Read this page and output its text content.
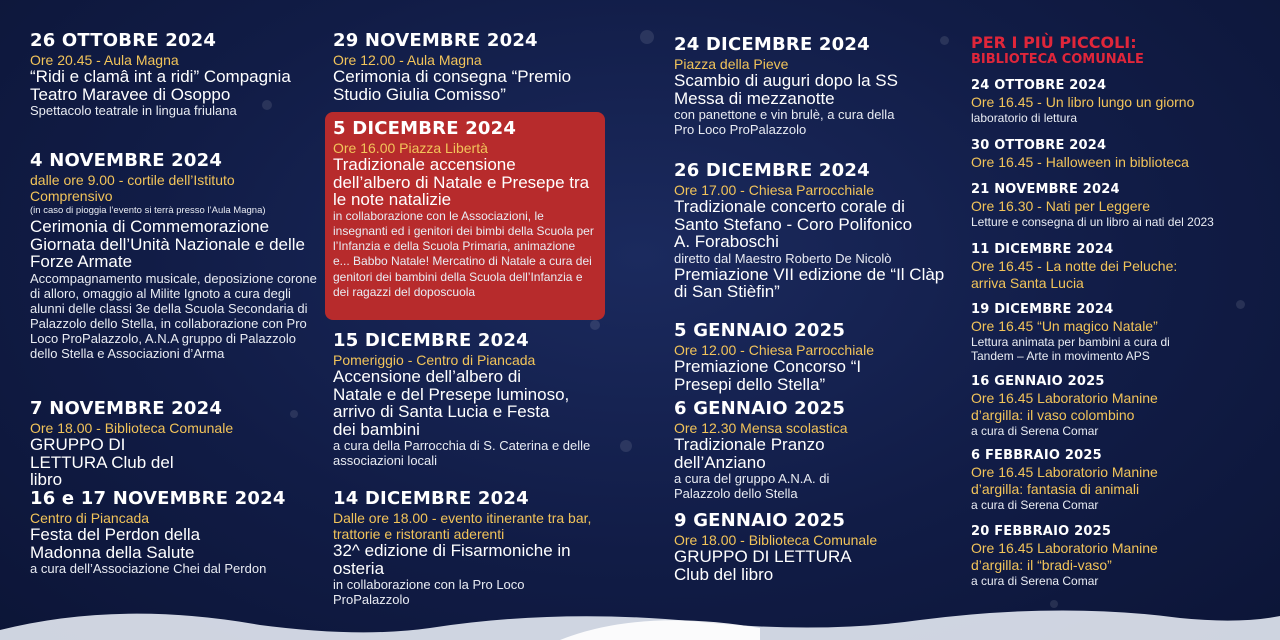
26 OTTOBRE 2024
Ore 20.45 - Aula Magna
“Ridi e clamâ int a ridi” Compagnia Teatro Maravee di Osoppo
Spettacolo teatrale in lingua friulana
4 NOVEMBRE 2024
dalle ore 9.00 - cortile dell’Istituto Comprensivo
(in caso di pioggia l’evento si terrà presso l’Aula Magna)
Cerimonia di Commemorazione Giornata dell’Unità Nazionale e delle Forze Armate
Accompagnamento musicale, deposizione corone di alloro, omaggio al Milite Ignoto a cura degli alunni delle classi 3e della Scuola Secondaria di Palazzolo dello Stella, in collaborazione con Pro Loco ProPalazzolo, A.N.A gruppo di Palazzolo dello Stella e Associazioni d’Arma
7 NOVEMBRE 2024
Ore 18.00 - Biblioteca Comunale
GRUPPO DI LETTURA Club del libro
16 e 17 NOVEMBRE 2024
Centro di Piancada
Festa del Perdon della Madonna della Salute
a cura dell’Associazione Chei dal Perdon
29 NOVEMBRE 2024
Ore 12.00 - Aula Magna
Cerimonia di consegna “Premio Studio Giulia Comisso”
5 DICEMBRE 2024
Ore 16.00 Piazza Libertà
Tradizionale accensione dell’albero di Natale e Presepe tra le note natalizie
in collaborazione con le Associazioni, le insegnanti ed i genitori dei bimbi della Scuola per l’Infanzia e della Scuola Primaria, animazione e... Babbo Natale! Mercatino di Natale a cura dei genitori dei bambini della Scuola dell’Infanzia e dei ragazzi del doposcuola
15 DICEMBRE 2024
Pomeriggio - Centro di Piancada
Accensione dell’albero di Natale e del Presepe luminoso, arrivo di Santa Lucia e Festa dei bambini
a cura della Parrocchia di S. Caterina e delle associazioni locali
14 DICEMBRE 2024
Dalle ore 18.00 - evento itinerante tra bar, trattorie e ristoranti aderenti
32^ edizione di Fisarmoniche in osteria
in collaborazione con la Pro Loco ProPalazzolo
24 DICEMBRE 2024
Piazza della Pieve
Scambio di auguri dopo la SS Messa di mezzanotte
con panettone e vin brulè, a cura della Pro Loco ProPalazzolo
26 DICEMBRE 2024
Ore 17.00 - Chiesa Parrocchiale
Tradizionale concerto corale di Santo Stefano - Coro Polifonico A. Foraboschi
diretto dal Maestro Roberto De Nicolò
Premiazione VII edizione de “Il Clàp di San Stièfin”
5 GENNAIO 2025
Ore 12.00 - Chiesa Parrocchiale
Premiazione Concorso “I Presepi dello Stella”
6 GENNAIO 2025
Ore 12.30 Mensa scolastica
Tradizionale Pranzo dell’Anziano
a cura del gruppo A.N.A. di Palazzolo dello Stella
9 GENNAIO 2025
Ore 18.00 - Biblioteca Comunale
GRUPPO DI LETTURA Club del libro
PER I PIÙ PICCOLI:
BIBLIOTECA COMUNALE
24 OTTOBRE 2024
Ore 16.45 - Un libro lungo un giorno
laboratorio di lettura
30 OTTOBRE 2024
Ore 16.45 - Halloween in biblioteca
21 NOVEMBRE 2024
Ore 16.30 - Nati per Leggere
Letture e consegna di un libro ai nati del 2023
11 DICEMBRE 2024
Ore 16.45 - La notte dei Peluche: arriva Santa Lucia
19 DICEMBRE 2024
Ore 16.45 “Un magico Natale”
Lettura animata per bambini a cura di Tandem – Arte in movimento APS
16 GENNAIO 2025
Ore 16.45 Laboratorio Manine d’argilla: il vaso colombino
a cura di Serena Comar
6 FEBBRAIO 2025
Ore 16.45 Laboratorio Manine d’argilla: fantasia di animali
a cura di Serena Comar
20 FEBBRAIO 2025
Ore 16.45 Laboratorio Manine d’argilla: il “bradi-vaso”
a cura di Serena Comar
